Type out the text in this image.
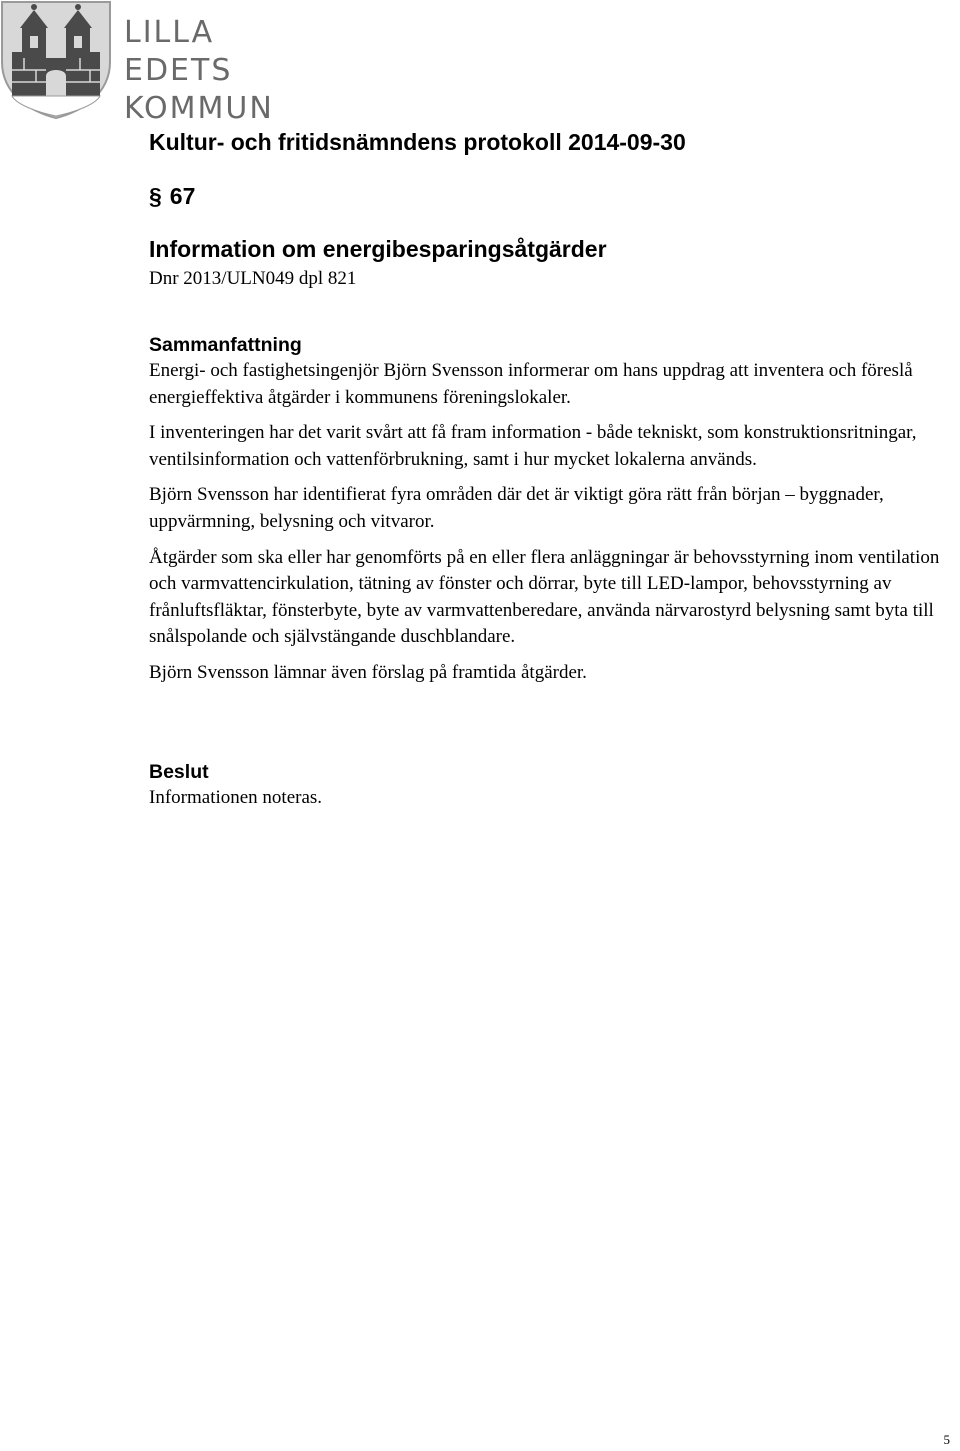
LILLA EDETS
KOMMUN
Kultur- och fritidsnämndens protokoll 2014-09-30
§ 67
Information om energibesparingsåtgärder

Dnr 2013/ULN049 dpl 821

Sammanfattning

Energi- och fastighetsingenjör Björn Svensson informerar om hans uppdrag att inventera och föreslå energieffektiva åtgärder i kommunens föreningslokaler.

I inventeringen har det varit svårt att få fram information - både tekniskt, som konstruktionsritningar, ventilsinformation och vattenförbrukning, samt i hur mycket lokalerna används.

Björn Svensson har identifierat fyra områden där det är viktigt göra rätt från början – byggnader, uppvärmning, belysning och vitvaror.

Åtgärder som ska eller har genomförts på en eller flera anläggningar är behovsstyrning inom ventilation och varmvattencirkulation, tätning av fönster och dörrar, byte till LED-lampor, behovsstyrning av frånluftsfläktar, fönsterbyte, byte av varmvattenberedare, använda närvarostyrd belysning samt byta till snålspolande och självstängande duschblandare.

Björn Svensson lämnar även förslag på framtida åtgärder.

Beslut

Informationen noteras.

5
